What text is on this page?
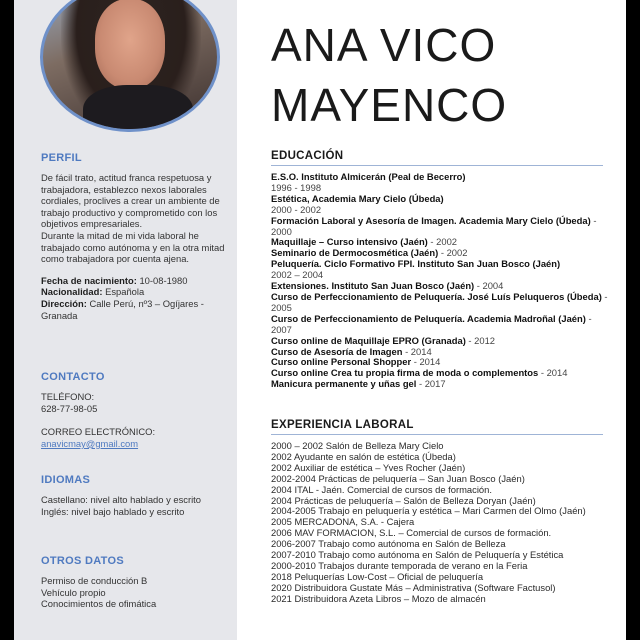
PERFIL

De fácil trato, actitud franca respetuosa y trabajadora, establezco nexos laborales cordiales, proclives a crear un ambiente de trabajo productivo y comprometido con los objetivos empresariales.

Durante la mitad de mi vida laboral he trabajado como autónoma y en la otra mitad como trabajadora por cuenta ajena.

Fecha de nacimiento: 10-08-1980

Nacionalidad: Española

Dirección: Calle Perú, nº3 – Ogíjares - Granada

CONTACTO

TELÉFONO:

628-77-98-05

CORREO ELECTRÓNICO:

anavicmay@gmail.com

IDIOMAS

Castellano: nivel alto hablado y escrito

Inglés: nivel bajo hablado y escrito

OTROS DATOS

Permiso de conducción B

Vehículo propio

Conocimientos de ofimática

ANA VICO
MAYENCO
EDUCACIÓN
E.S.O. Instituto Almicerán (Peal de Becerro)
1996 - 1998
Estética, Academia Mary Cielo (Úbeda)
2000 - 2002
Formación Laboral y Asesoría de Imagen. Academia Mary Cielo (Úbeda) - 2000
Maquillaje – Curso intensivo (Jaén) - 2002
Seminario de Dermocosmética (Jaén) - 2002
Peluquería. Ciclo Formativo FPI. Instituto San Juan Bosco (Jaén)
2002 – 2004
Extensiones. Instituto San Juan Bosco (Jaén) - 2004
Curso de Perfeccionamiento de Peluquería. José Luís Peluqueros (Úbeda) - 2005
Curso de Perfeccionamiento de Peluquería. Academia Madroñal (Jaén) - 2007
Curso online de Maquillaje EPRO (Granada) - 2012
Curso de Asesoría de Imagen - 2014
Curso online Personal Shopper - 2014
Curso online Crea tu propia firma de moda o complementos - 2014
Manicura permanente y uñas gel - 2017
EXPERIENCIA LABORAL
2000 – 2002 Salón de Belleza Mary Cielo
2002 Ayudante en salón de estética (Úbeda)
2002 Auxiliar de estética – Yves Rocher (Jaén)
2002-2004 Prácticas de peluquería – San Juan Bosco (Jaén)
2004 ITAL - Jaén. Comercial de cursos de formación.
2004 Prácticas de peluquería – Salón de Belleza Doryan (Jaén)
2004-2005 Trabajo en peluquería y estética – Mari Carmen del Olmo (Jaén)
2005 MERCADONA, S.A. - Cajera
2006 MAV FORMACION, S.L. – Comercial de cursos de formación.
2006-2007 Trabajo como autónoma en Salón de Belleza
2007-2010 Trabajo como autónoma en Salón de Peluquería y Estética
2000-2010 Trabajos durante temporada de verano en la Feria
2018 Peluquerías Low-Cost – Oficial de peluquería
2020 Distribuidora Gustate Más – Administrativa (Software Factusol)
2021 Distribuidora Azeta Libros – Mozo de almacén
